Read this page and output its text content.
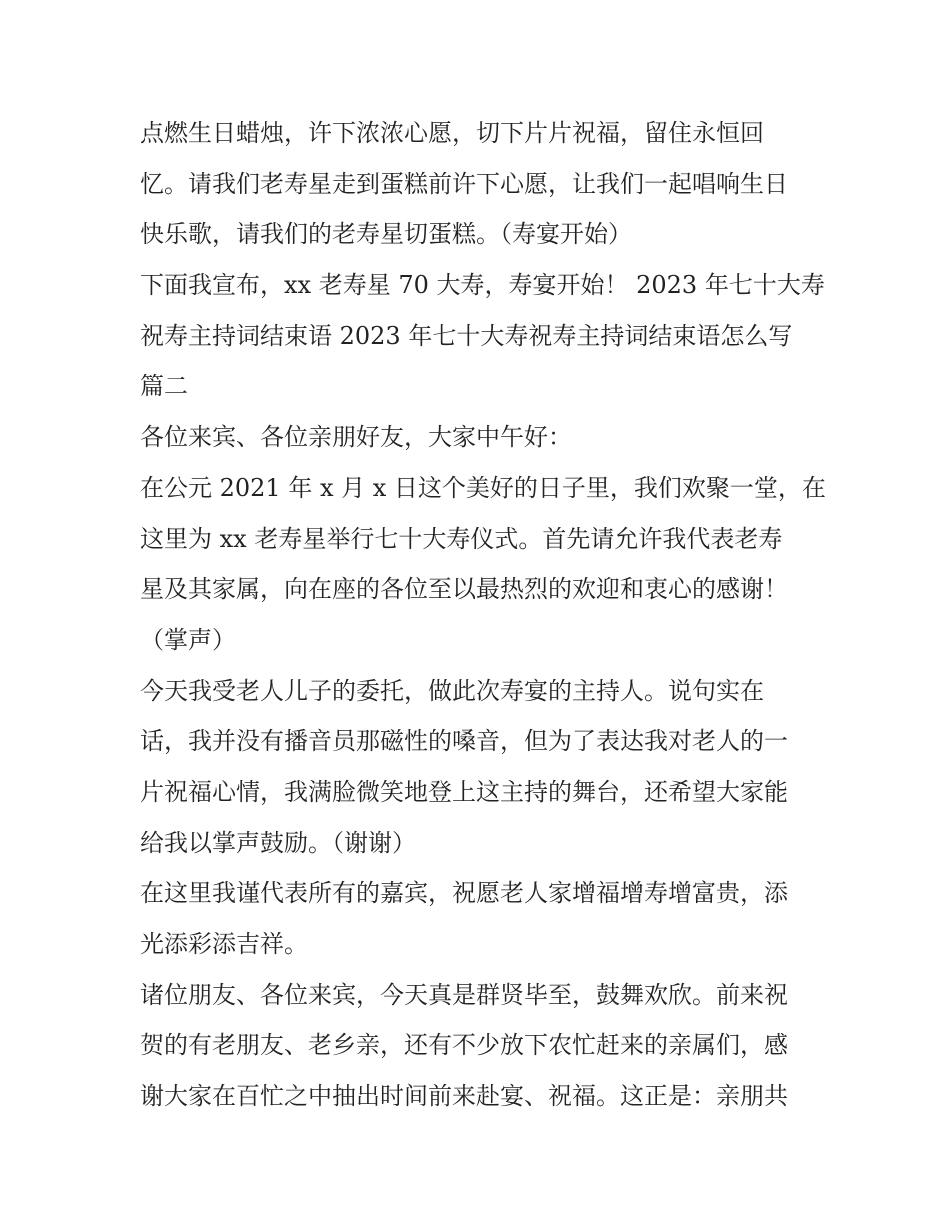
点燃生日蜡烛，许下浓浓心愿，切下片片祝福，留住永恒回
忆。请我们老寿星走到蛋糕前许下心愿，让我们一起唱响生日
快乐歌，请我们的老寿星切蛋糕。（寿宴开始）
下面我宣布，xx 老寿星 70 大寿，寿宴开始！ 2023 年七十大寿
祝寿主持词结束语 2023 年七十大寿祝寿主持词结束语怎么写
篇二
各位来宾、各位亲朋好友，大家中午好：
在公元 2021 年 x 月 x 日这个美好的日子里，我们欢聚一堂，在
这里为 xx 老寿星举行七十大寿仪式。首先请允许我代表老寿
星及其家属，向在座的各位至以最热烈的欢迎和衷心的感谢！
（掌声）
今天我受老人儿子的委托，做此次寿宴的主持人。说句实在
话，我并没有播音员那磁性的嗓音，但为了表达我对老人的一
片祝福心情，我满脸微笑地登上这主持的舞台，还希望大家能
给我以掌声鼓励。（谢谢）
在这里我谨代表所有的嘉宾，祝愿老人家增福增寿增富贵，添
光添彩添吉祥。
诸位朋友、各位来宾，今天真是群贤毕至，鼓舞欢欣。前来祝
贺的有老朋友、老乡亲，还有不少放下农忙赶来的亲属们，感
谢大家在百忙之中抽出时间前来赴宴、祝福。这正是：亲朋共
